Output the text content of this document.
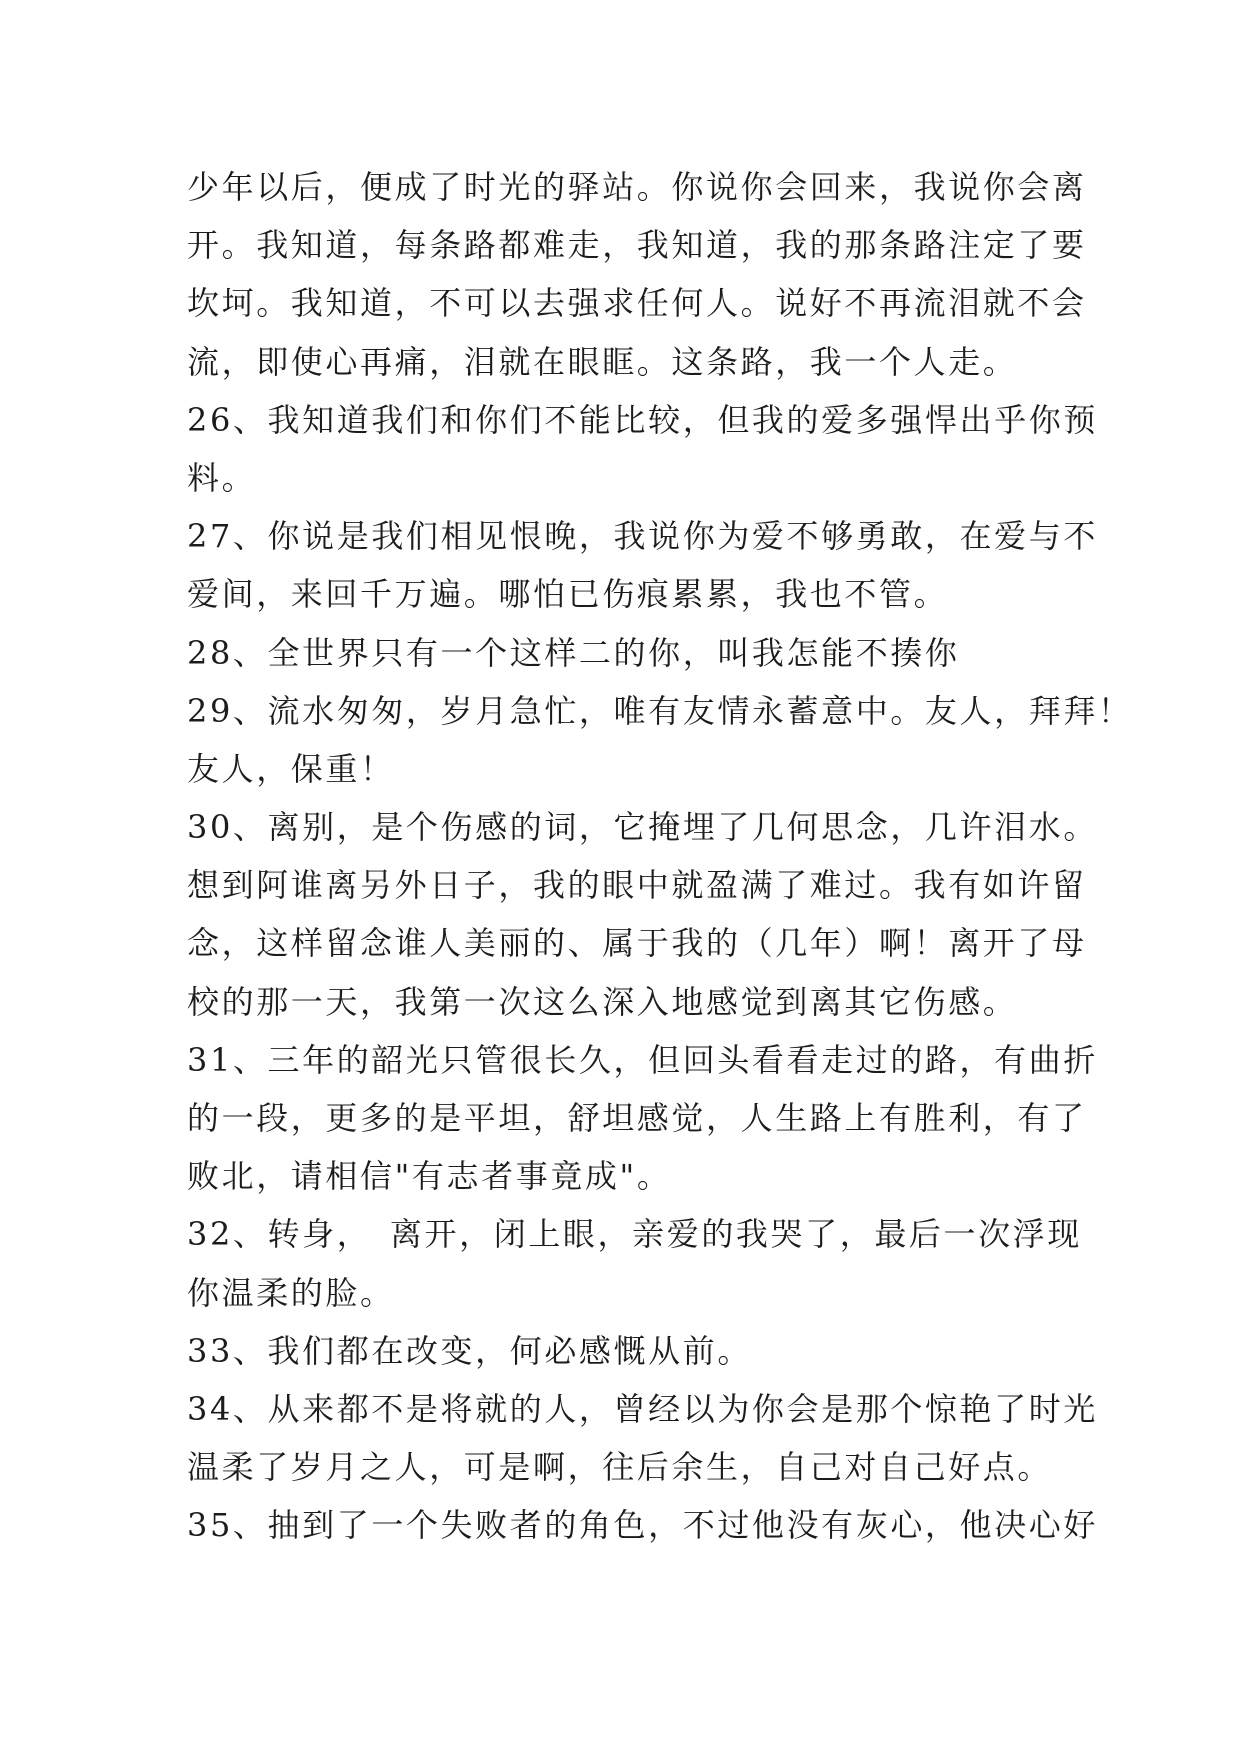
少年以后，便成了时光的驿站。你说你会回来，我说你会离
开。我知道，每条路都难走，我知道，我的那条路注定了要
坎坷。我知道，不可以去强求任何人。说好不再流泪就不会
流，即使心再痛，泪就在眼眶。这条路，我一个人走。
26、我知道我们和你们不能比较，但我的爱多强悍出乎你预
料。
27、你说是我们相见恨晚，我说你为爱不够勇敢，在爱与不
爱间，来回千万遍。哪怕已伤痕累累，我也不管。
28、全世界只有一个这样二的你，叫我怎能不揍你
29、流水匆匆，岁月急忙，唯有友情永蓄意中。友人，拜拜！
友人，保重！
30、离别，是个伤感的词，它掩埋了几何思念，几许泪水。
想到阿谁离另外日子，我的眼中就盈满了难过。我有如许留
念，这样留念谁人美丽的、属于我的（几年）啊！离开了母
校的那一天，我第一次这么深入地感觉到离其它伤感。
31、三年的韶光只管很长久，但回头看看走过的路，有曲折
的一段，更多的是平坦，舒坦感觉，人生路上有胜利，有了
败北，请相信"有志者事竟成"。
32、转身，　离开，闭上眼，亲爱的我哭了，最后一次浮现
你温柔的脸。
33、我们都在改变，何必感慨从前。
34、从来都不是将就的人，曾经以为你会是那个惊艳了时光
温柔了岁月之人，可是啊，往后余生，自己对自己好点。
35、抽到了一个失败者的角色，不过他没有灰心，他决心好
